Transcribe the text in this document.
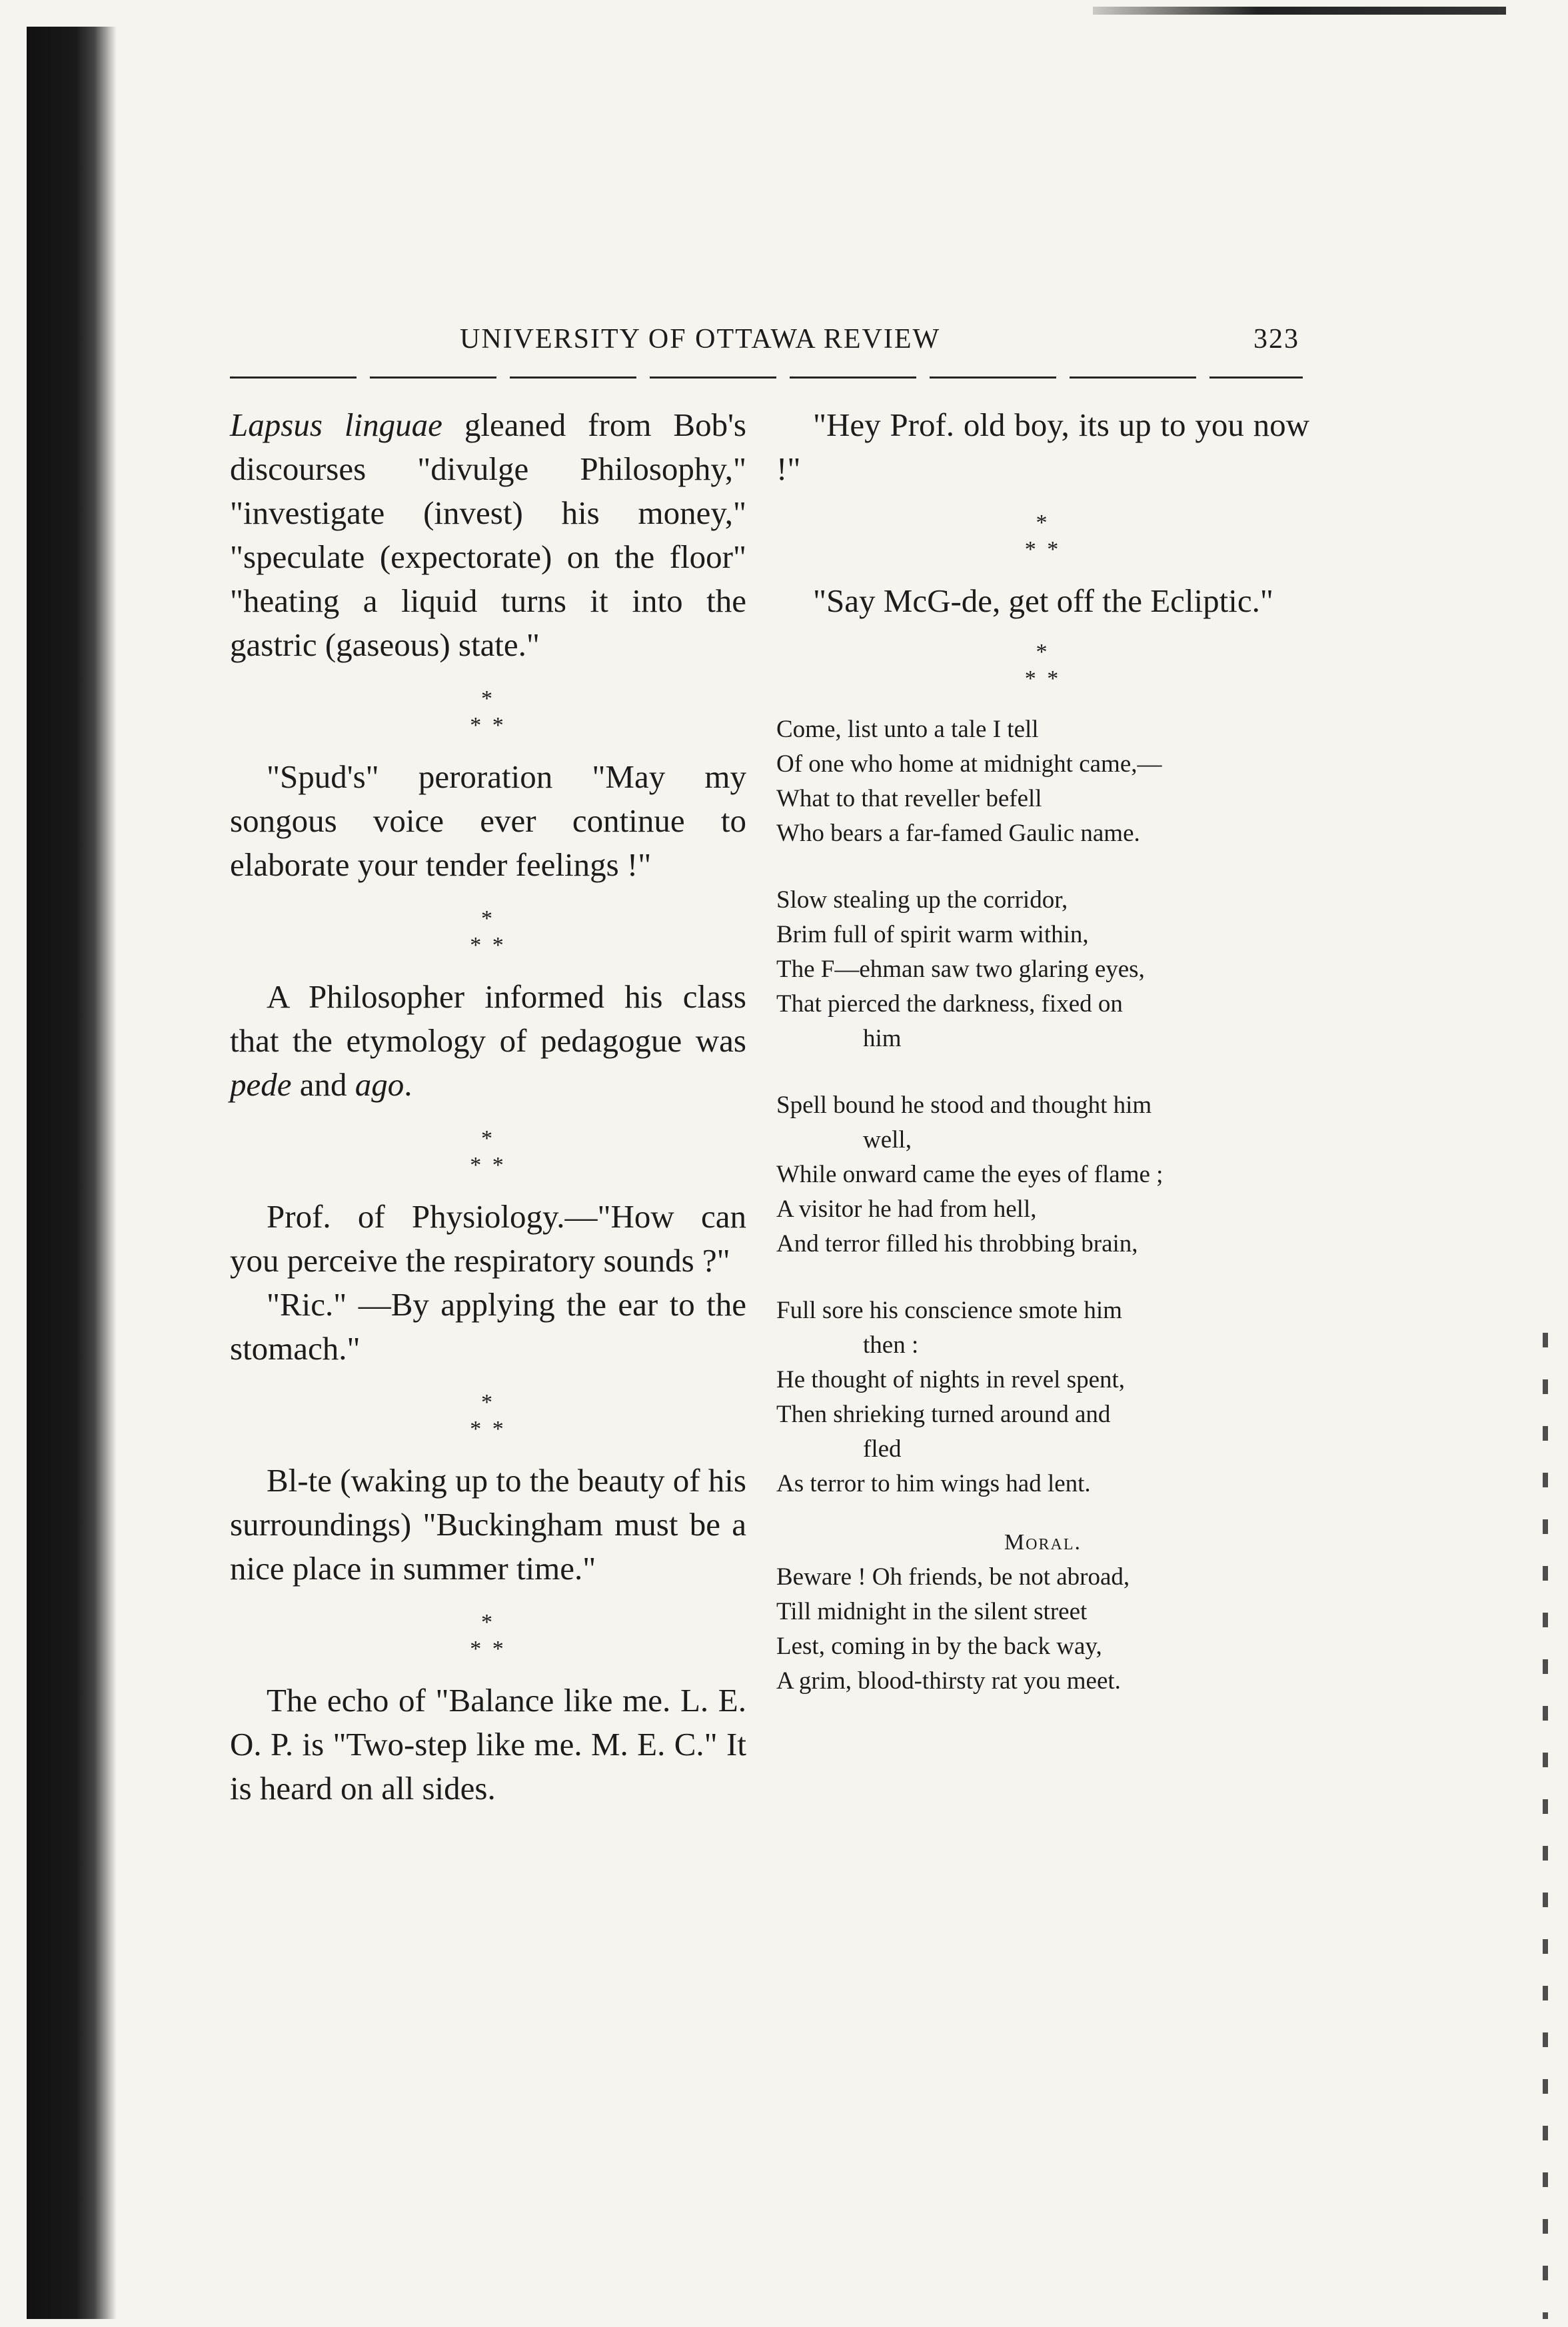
UNIVERSITY OF OTTAWA REVIEW	323

Lapsus linguae gleaned from Bob's discourses "divulge Philosophy," "investigate (invest) his money," "speculate (expectorate) on the floor" "heating a liquid turns it into the gastric (gaseous) state."

*
* *

"Spud's" peroration "May my songous voice ever continue to elaborate your tender feelings !"

*
* *

A Philosopher informed his class that the etymology of pedagogue was pede and ago.

*
* *

Prof. of Physiology.—"How can you perceive the respiratory sounds ?"

"Ric." —By applying the ear to the stomach."

*
* *

Bl-te (waking up to the beauty of his surroundings) "Buckingham must be a nice place in summer time."

*
* *

The echo of "Balance like me. L. E. O. P. is "Two-step like me. M. E. C." It is heard on all sides.

"Hey Prof. old boy, its up to you now !"

*
* *

"Say McG-de, get off the Ecliptic."

*
* *
Come, list unto a tale I tell
Of one who home at midnight came,—
What to that reveller befell
Who bears a far-famed Gaulic name.
Slow stealing up the corridor,
Brim full of spirit warm within,
The F—ehman saw two glaring eyes,
That pierced the darkness, fixed on
him
Spell bound he stood and thought him
well,
While onward came the eyes of flame ;
A visitor he had from hell,
And terror filled his throbbing brain,
Full sore his conscience smote him
then :
He thought of nights in revel spent,
Then shrieking turned around and
fled
As terror to him wings had lent.
Moral.
Beware ! Oh friends, be not abroad,
Till midnight in the silent street
Lest, coming in by the back way,
A grim, blood-thirsty rat you meet.
